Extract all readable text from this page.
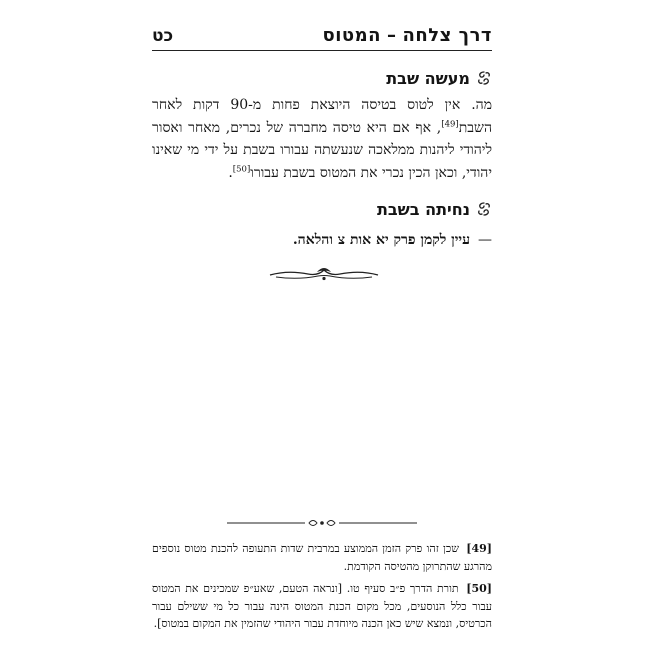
דרך צלחה–המטוס
כט
מעשה שבת
מה. אין לטוס בטיסה היוצאת פחות מ-90 דקות לאחר השבת[49], אף אם היא טיסה מחברה של נכרים, מאחר ואסור ליהודי ליהנות ממלאכה שנעשתה עבורו בשבת על ידי מי שאינו יהודי, וכאן הכין נכרי את המטוס בשבת עבורו[50].
נחיתה בשבת
—עיין לקמן פרק יא אות צ והלאה.

[49] שכן זהו פרק הזמן הממוצע במרבית שדות התעופה להכנת מטוס נוספים מהרגע שהתרוקן מהטיסה הקודמת.

[50] תורת הדרך פ״ב סעיף טו. [ונראה הטעם, שאע״פ שמכינים את המטוס עבור כלל הנוסעים, מכל מקום הכנת המטוס הינה עבור כל מי ששילם עבור הכרטיס, ונמצא שיש כאן הכנה מיוחדת עבור היהודי שהזמין את המקום במטוס].
